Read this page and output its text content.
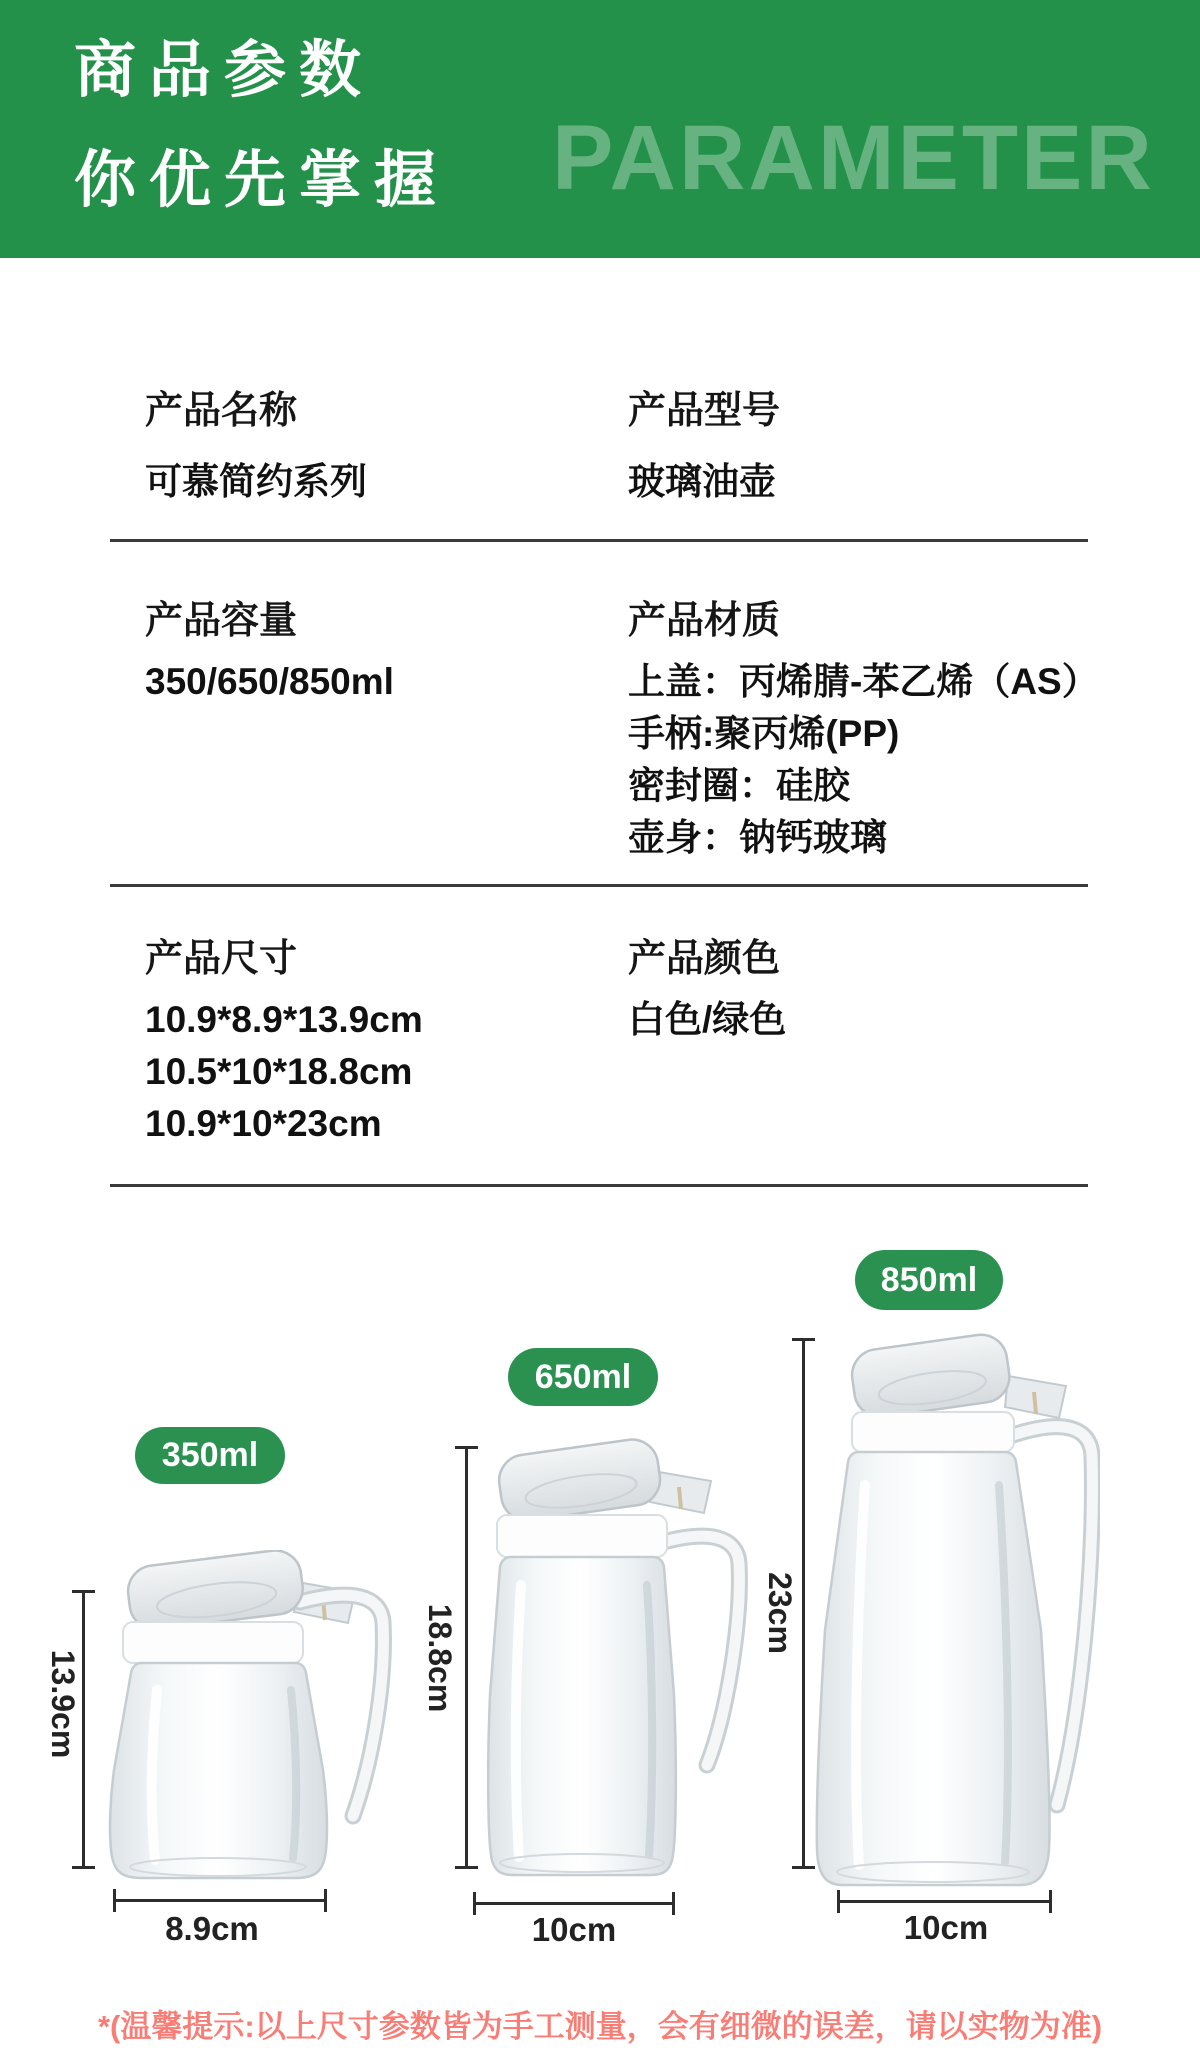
商品参数
你优先掌握 PARAMETER
产品名称
可慕简约系列
产品型号
玻璃油壶
产品容量
350/650/850ml
产品材质
上盖：丙烯腈-苯乙烯（AS）
手柄:聚丙烯(PP)
密封圈：硅胶
壶身：钠钙玻璃
产品尺寸
10.9*8.9*13.9cm
10.5*10*18.8cm
10.9*10*23cm
产品颜色
白色/绿色
350ml
650ml
850ml
13.9cm	18.8cm	23cm
8.9cm	10cm	10cm
*(温馨提示:以上尺寸参数皆为手工测量，会有细微的误差，请以实物为准)
